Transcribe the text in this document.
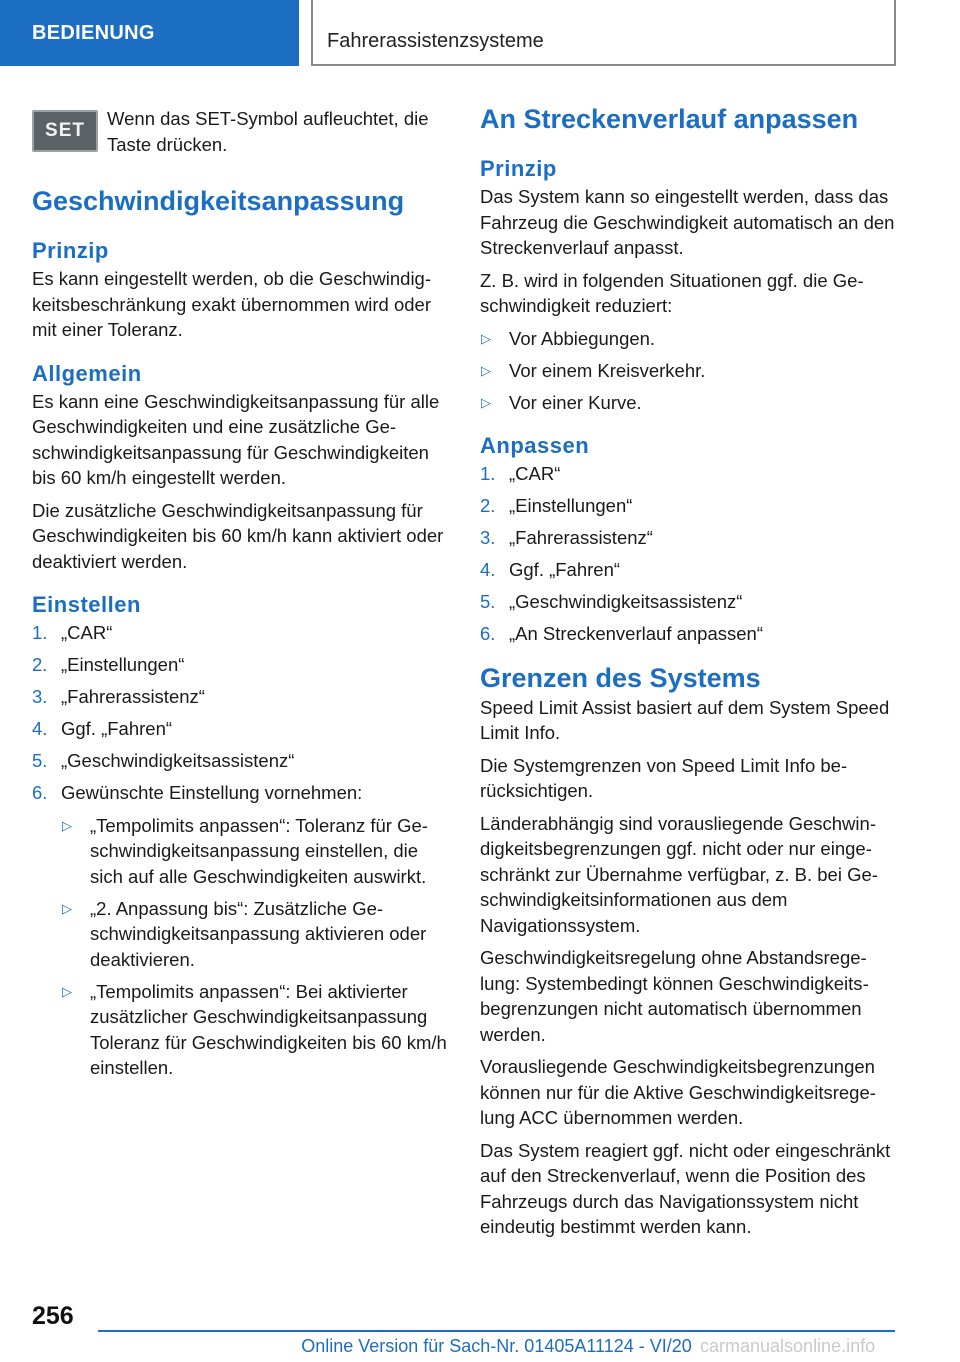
BEDIENUNG	Fahrerassistenzsysteme
SET
Wenn das SET-Symbol aufleuchtet, die Taste drücken.
Geschwindigkeitsanpassung
Prinzip

Es kann eingestellt werden, ob die Geschwindigkeitsbeschränkung exakt übernommen wird oder mit einer Toleranz.

Allgemein

Es kann eine Geschwindigkeitsanpassung für alle Geschwindigkeiten und eine zusätzliche Geschwindigkeitsanpassung für Geschwindigkeiten bis 60 km/h eingestellt werden.

Die zusätzliche Geschwindigkeitsanpassung für Geschwindigkeiten bis 60 km/h kann aktiviert oder deaktiviert werden.

Einstellen
1. „CAR“
2. „Einstellungen“
3. „Fahrerassistenz“
4. Ggf. „Fahren“
5. „Geschwindigkeitsassistenz“
6. Gewünschte Einstellung vornehmen:
▷ „Tempolimits anpassen“: Toleranz für Geschwindigkeitsanpassung einstellen, die sich auf alle Geschwindigkeiten auswirkt.
▷ „2. Anpassung bis“: Zusätzliche Geschwindigkeitsanpassung aktivieren oder deaktivieren.
▷ „Tempolimits anpassen“: Bei aktivierter zusätzlicher Geschwindigkeitsanpassung Toleranz für Geschwindigkeiten bis 60 km/h einstellen.
An Streckenverlauf anpassen
Prinzip

Das System kann so eingestellt werden, dass das Fahrzeug die Geschwindigkeit automatisch an den Streckenverlauf anpasst.

Z. B. wird in folgenden Situationen ggf. die Geschwindigkeit reduziert:

▷ Vor Abbiegungen.
▷ Vor einem Kreisverkehr.
▷ Vor einer Kurve.
Anpassen
1. „CAR“
2. „Einstellungen“
3. „Fahrerassistenz“
4. Ggf. „Fahren“
5. „Geschwindigkeitsassistenz“
6. „An Streckenverlauf anpassen“
Grenzen des Systems

Speed Limit Assist basiert auf dem System Speed Limit Info.

Die Systemgrenzen von Speed Limit Info berücksichtigen.

Länderabhängig sind vorausliegende Geschwindigkeitsbegrenzungen ggf. nicht oder nur eingeschränkt zur Übernahme verfügbar, z. B. bei Geschwindigkeitsinformationen aus dem Navigationssystem.

Geschwindigkeitsregelung ohne Abstandsregelung: Systembedingt können Geschwindigkeitsbegrenzungen nicht automatisch übernommen werden.

Vorausliegende Geschwindigkeitsbegrenzungen können nur für die Aktive Geschwindigkeitsregelung ACC übernommen werden.

Das System reagiert ggf. nicht oder eingeschränkt auf den Streckenverlauf, wenn die Position des Fahrzeugs durch das Navigationssystem nicht eindeutig bestimmt werden kann.

256
Online Version für Sach-Nr. 01405A11124 - VI/20 carmanualsonline.info
